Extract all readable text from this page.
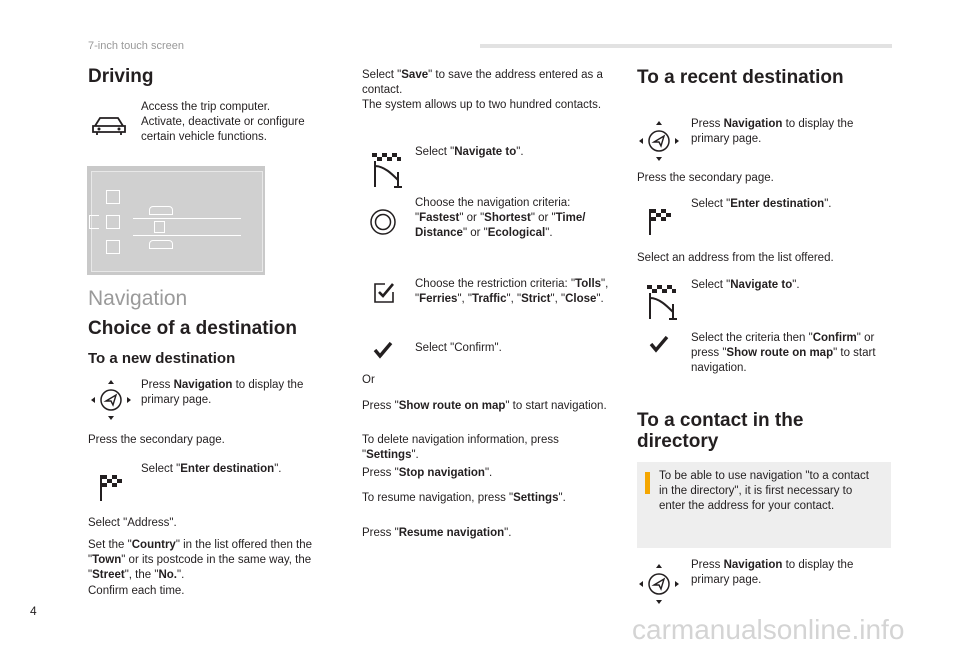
7-inch touch screen
Driving
Access the trip computer.
Activate, deactivate or configure certain vehicle functions.
Navigation
Choice of a destination
To a new destination
Press Navigation to display the primary page.
Press the secondary page.
Select "Enter destination".
Select "Address".
Set the "Country" in the list offered then the "Town" or its postcode in the same way, the "Street", the "No.".
Confirm each time.
Select "Save" to save the address entered as a contact.
The system allows up to two hundred contacts.
Select "Navigate to".
Choose the navigation criteria: "Fastest" or "Shortest" or "Time/ Distance" or "Ecological".
Choose the restriction criteria: "Tolls", "Ferries", "Traffic", "Strict", "Close".
Select "Confirm".
Or
Press "Show route on map" to start navigation.
To delete navigation information, press "Settings".
Press "Stop navigation".
To resume navigation, press "Settings".
Press "Resume navigation".
To a recent destination
Press Navigation to display the primary page.
Press the secondary page.
Select "Enter destination".
Select an address from the list offered.
Select "Navigate to".
Select the criteria then "Confirm" or press "Show route on map" to start navigation.
To a contact in the
directory
To be able to use navigation "to a contact in the directory", it is first necessary to enter the address for your contact.
Press Navigation to display the primary page.
4
carmanualsonline.info
